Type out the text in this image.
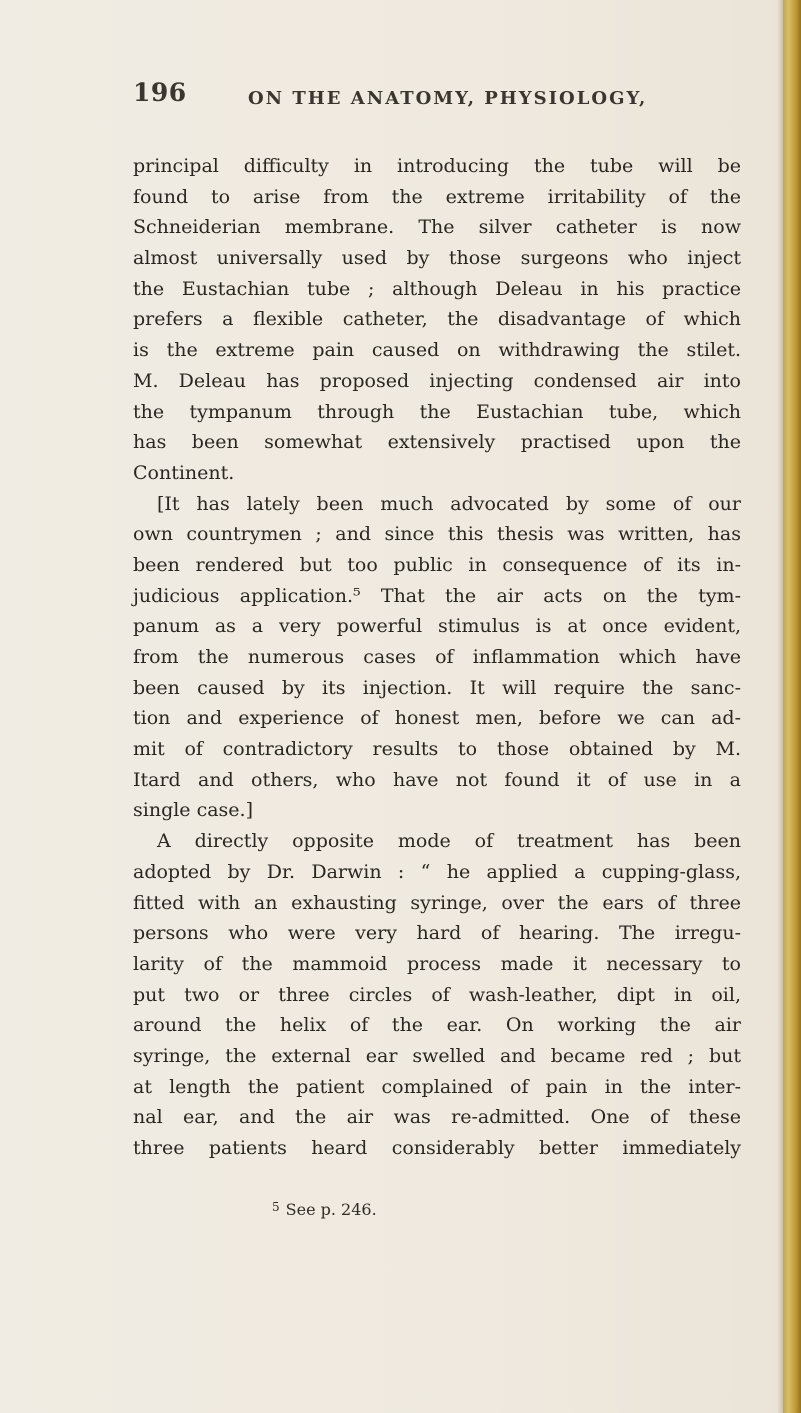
196	ON THE ANATOMY, PHYSIOLOGY,
principal difficulty in introducing the tube will be
found to arise from the extreme irritability of the
Schneiderian membrane. The silver catheter is now
almost universally used by those surgeons who inject
the Eustachian tube ; although Deleau in his practice
prefers a flexible catheter, the disadvantage of which
is the extreme pain caused on withdrawing the stilet.
M. Deleau has proposed injecting condensed air into
the tympanum through the Eustachian tube, which
has been somewhat extensively practised upon the
Continent.
[It has lately been much advocated by some of our
own countrymen ; and since this thesis was written, has
been rendered but too public in consequence of its in-
judicious application.⁵ That the air acts on the tym-
panum as a very powerful stimulus is at once evident,
from the numerous cases of inflammation which have
been caused by its injection. It will require the sanc-
tion and experience of honest men, before we can ad-
mit of contradictory results to those obtained by M.
Itard and others, who have not found it of use in a
single case.]
A directly opposite mode of treatment has been
adopted by Dr. Darwin : “ he applied a cupping-glass,
fitted with an exhausting syringe, over the ears of three
persons who were very hard of hearing. The irregu-
larity of the mammoid process made it necessary to
put two or three circles of wash-leather, dipt in oil,
around the helix of the ear. On working the air
syringe, the external ear swelled and became red ; but
at length the patient complained of pain in the inter-
nal ear, and the air was re-admitted. One of these
three patients heard considerably better immediately

$^5$ See p. 246.
